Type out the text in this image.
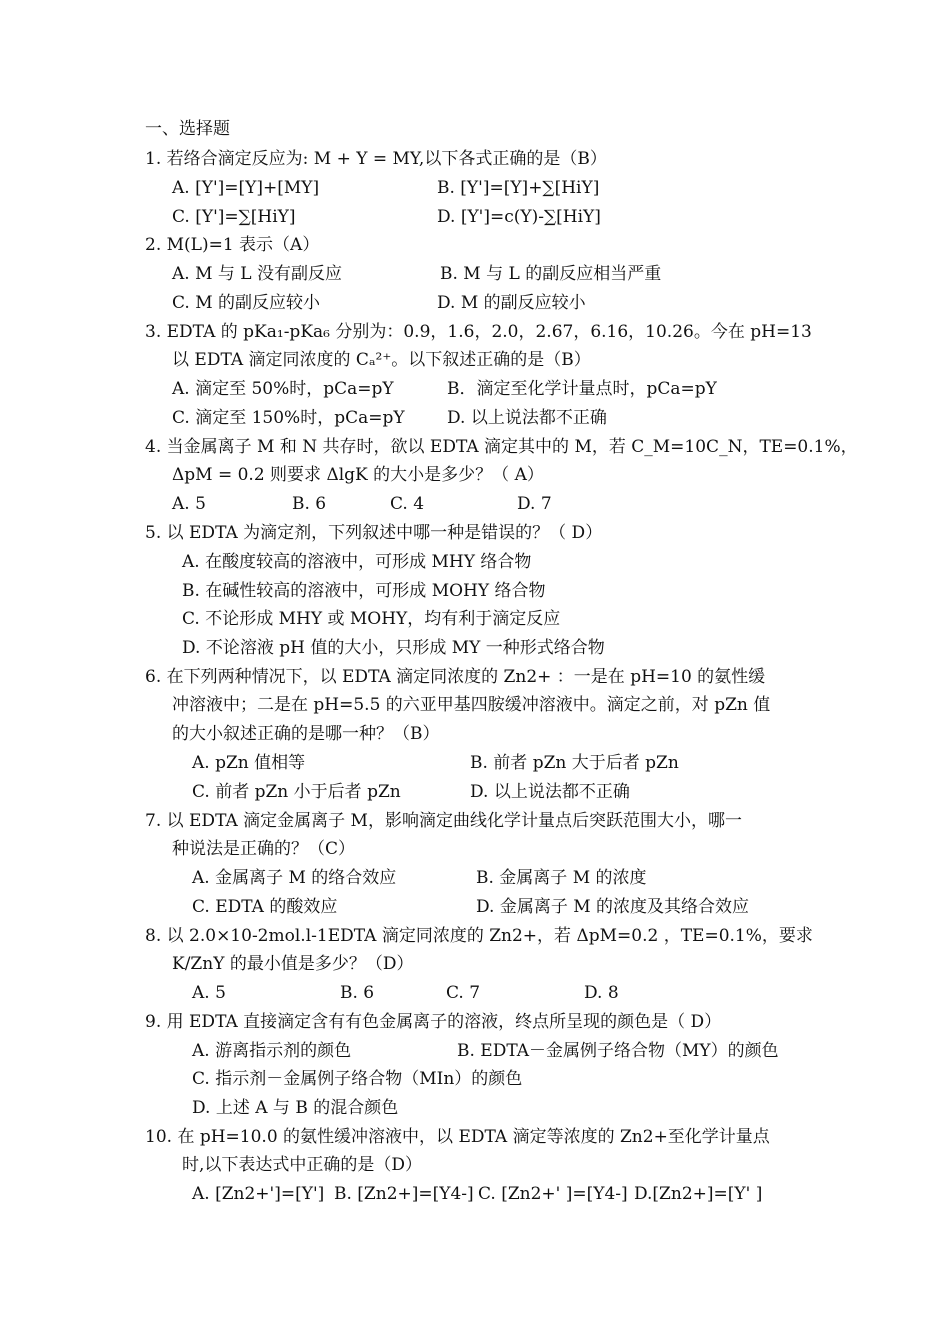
一、选择题
1. 若络合滴定反应为: M + Y = MY,以下各式正确的是（B）
A. [Y']=[Y]+[MY]	B. [Y']=[Y]+∑[HiY]
C. [Y']=∑[HiY]	D. [Y']=c(Y)-∑[HiY]
2. M(L)=1 表示（A）
A. M 与 L 没有副反应	B. M 与 L 的副反应相当严重
C. M 的副反应较小	D. M 的副反应较小
3. EDTA 的 pKa₁-pKa₆ 分别为：0.9，1.6，2.0，2.67，6.16，10.26。今在 pH=13
以 EDTA 滴定同浓度的 Cₐ²⁺。以下叙述正确的是（B）
A. 滴定至 50%时，pCa=pY	B．滴定至化学计量点时，pCa=pY
C. 滴定至 150%时，pCa=pY D. 以上说法都不正确
4. 当金属离子 M 和 N 共存时，欲以 EDTA 滴定其中的 M，若 C_M=10C_N，TE=0.1%，
ΔpM = 0.2 则要求 ΔlgK 的大小是多少？（ A）
A. 5	B. 6	C. 4	D. 7
5. 以 EDTA 为滴定剂，下列叙述中哪一种是错误的？（ D）
A. 在酸度较高的溶液中，可形成 MHY 络合物
B. 在碱性较高的溶液中，可形成 MOHY 络合物
C. 不论形成 MHY 或 MOHY，均有利于滴定反应
D. 不论溶液 pH 值的大小，只形成 MY 一种形式络合物
6. 在下列两种情况下，以 EDTA 滴定同浓度的 Zn2+ ：一是在 pH=10 的氨性缓
冲溶液中；二是在 pH=5.5 的六亚甲基四胺缓冲溶液中。滴定之前，对 pZn 值
的大小叙述正确的是哪一种？（B）
A. pZn 值相等	B. 前者 pZn 大于后者 pZn
C. 前者 pZn 小于后者 pZn	D. 以上说法都不正确
7. 以 EDTA 滴定金属离子 M，影响滴定曲线化学计量点后突跃范围大小，哪一
种说法是正确的？（C）
A. 金属离子 M 的络合效应	B. 金属离子 M 的浓度
C. EDTA 的酸效应	D. 金属离子 M 的浓度及其络合效应
8. 以 2.0×10-2mol.l-1EDTA 滴定同浓度的 Zn2+，若 ΔpM=0.2 ，TE=0.1%，要求
K/ZnY 的最小值是多少？（D）
A. 5	B. 6	C. 7	D. 8
9. 用 EDTA 直接滴定含有有色金属离子的溶液，终点所呈现的颜色是（ D）
A. 游离指示剂的颜色	B. EDTA－金属例子络合物（MY）的颜色
C. 指示剂－金属例子络合物（MIn）的颜色
D. 上述 A 与 B 的混合颜色
10. 在 pH=10.0 的氨性缓冲溶液中，以 EDTA 滴定等浓度的 Zn2+至化学计量点
时,以下表达式中正确的是（D）
A. [Zn2+']=[Y'] B. [Zn2+]=[Y4-] C. [Zn2+' ]=[Y4-] D.[Zn2+]=[Y' ]
